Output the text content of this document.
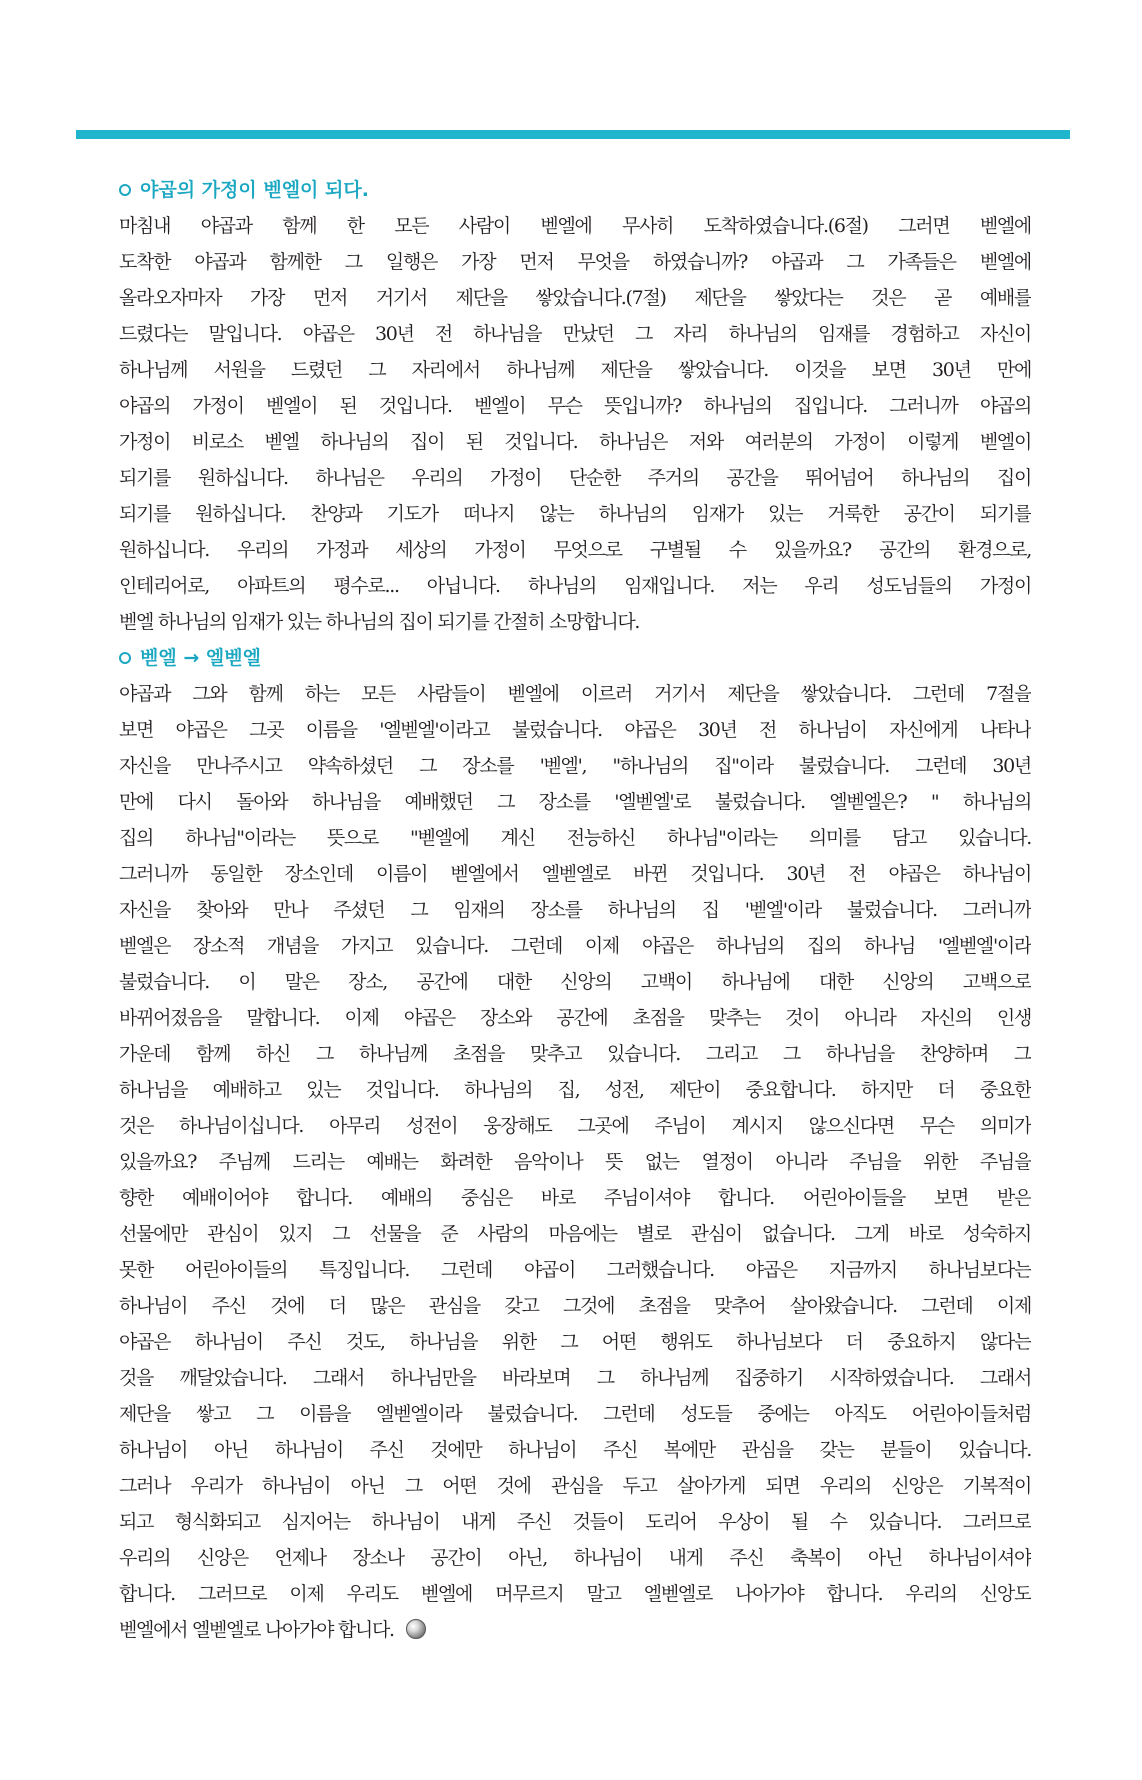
야곱의 가정이 벧엘이 되다.
마침내 야곱과 함께 한 모든 사람이 벧엘에 무사히 도착하였습니다.(6절) 그러면 벧엘에
도착한 야곱과 함께한 그 일행은 가장 먼저 무엇을 하였습니까? 야곱과 그 가족들은 벧엘에
올라오자마자 가장 먼저 거기서 제단을 쌓았습니다.(7절) 제단을 쌓았다는 것은 곧 예배를
드렸다는 말입니다. 야곱은 30년 전 하나님을 만났던 그 자리 하나님의 임재를 경험하고 자신이
하나님께 서원을 드렸던 그 자리에서 하나님께 제단을 쌓았습니다. 이것을 보면 30년 만에
야곱의 가정이 벧엘이 된 것입니다. 벧엘이 무슨 뜻입니까? 하나님의 집입니다. 그러니까 야곱의
가정이 비로소 벧엘 하나님의 집이 된 것입니다. 하나님은 저와 여러분의 가정이 이렇게 벧엘이
되기를 원하십니다. 하나님은 우리의 가정이 단순한 주거의 공간을 뛰어넘어 하나님의 집이
되기를 원하십니다. 찬양과 기도가 떠나지 않는 하나님의 임재가 있는 거룩한 공간이 되기를
원하십니다. 우리의 가정과 세상의 가정이 무엇으로 구별될 수 있을까요? 공간의 환경으로,
인테리어로, 아파트의 평수로... 아닙니다. 하나님의 임재입니다. 저는 우리 성도님들의 가정이
벧엘 하나님의 임재가 있는 하나님의 집이 되기를 간절히 소망합니다.
벧엘 → 엘벧엘
야곱과 그와 함께 하는 모든 사람들이 벧엘에 이르러 거기서 제단을 쌓았습니다. 그런데 7절을
보면 야곱은 그곳 이름을 '엘벧엘'이라고 불렀습니다. 야곱은 30년 전 하나님이 자신에게 나타나
자신을 만나주시고 약속하셨던 그 장소를 '벧엘', "하나님의 집"이라 불렀습니다. 그런데 30년
만에 다시 돌아와 하나님을 예배했던 그 장소를 '엘벧엘'로 불렀습니다. 엘벧엘은? " 하나님의
집의 하나님"이라는 뜻으로 "벧엘에 계신 전능하신 하나님"이라는 의미를 담고 있습니다.
그러니까 동일한 장소인데 이름이 벧엘에서 엘벧엘로 바뀐 것입니다. 30년 전 야곱은 하나님이
자신을 찾아와 만나 주셨던 그 임재의 장소를 하나님의 집 '벧엘'이라 불렀습니다. 그러니까
벧엘은 장소적 개념을 가지고 있습니다. 그런데 이제 야곱은 하나님의 집의 하나님 '엘벧엘'이라
불렀습니다. 이 말은 장소, 공간에 대한 신앙의 고백이 하나님에 대한 신앙의 고백으로
바뀌어졌음을 말합니다. 이제 야곱은 장소와 공간에 초점을 맞추는 것이 아니라 자신의 인생
가운데 함께 하신 그 하나님께 초점을 맞추고 있습니다. 그리고 그 하나님을 찬양하며 그
하나님을 예배하고 있는 것입니다. 하나님의 집, 성전, 제단이 중요합니다. 하지만 더 중요한
것은 하나님이십니다. 아무리 성전이 웅장해도 그곳에 주님이 계시지 않으신다면 무슨 의미가
있을까요? 주님께 드리는 예배는 화려한 음악이나 뜻 없는 열정이 아니라 주님을 위한 주님을
향한 예배이어야 합니다. 예배의 중심은 바로 주님이셔야 합니다. 어린아이들을 보면 받은
선물에만 관심이 있지 그 선물을 준 사람의 마음에는 별로 관심이 없습니다. 그게 바로 성숙하지
못한 어린아이들의 특징입니다. 그런데 야곱이 그러했습니다. 야곱은 지금까지 하나님보다는
하나님이 주신 것에 더 많은 관심을 갖고 그것에 초점을 맞추어 살아왔습니다. 그런데 이제
야곱은 하나님이 주신 것도, 하나님을 위한 그 어떤 행위도 하나님보다 더 중요하지 않다는
것을 깨달았습니다. 그래서 하나님만을 바라보며 그 하나님께 집중하기 시작하였습니다. 그래서
제단을 쌓고 그 이름을 엘벧엘이라 불렀습니다. 그런데 성도들 중에는 아직도 어린아이들처럼
하나님이 아닌 하나님이 주신 것에만 하나님이 주신 복에만 관심을 갖는 분들이 있습니다.
그러나 우리가 하나님이 아닌 그 어떤 것에 관심을 두고 살아가게 되면 우리의 신앙은 기복적이
되고 형식화되고 심지어는 하나님이 내게 주신 것들이 도리어 우상이 될 수 있습니다. 그러므로
우리의 신앙은 언제나 장소나 공간이 아닌, 하나님이 내게 주신 축복이 아닌 하나님이셔야
합니다. 그러므로 이제 우리도 벧엘에 머무르지 말고 엘벧엘로 나아가야 합니다. 우리의 신앙도
벧엘에서 엘벧엘로 나아가야 합니다.
